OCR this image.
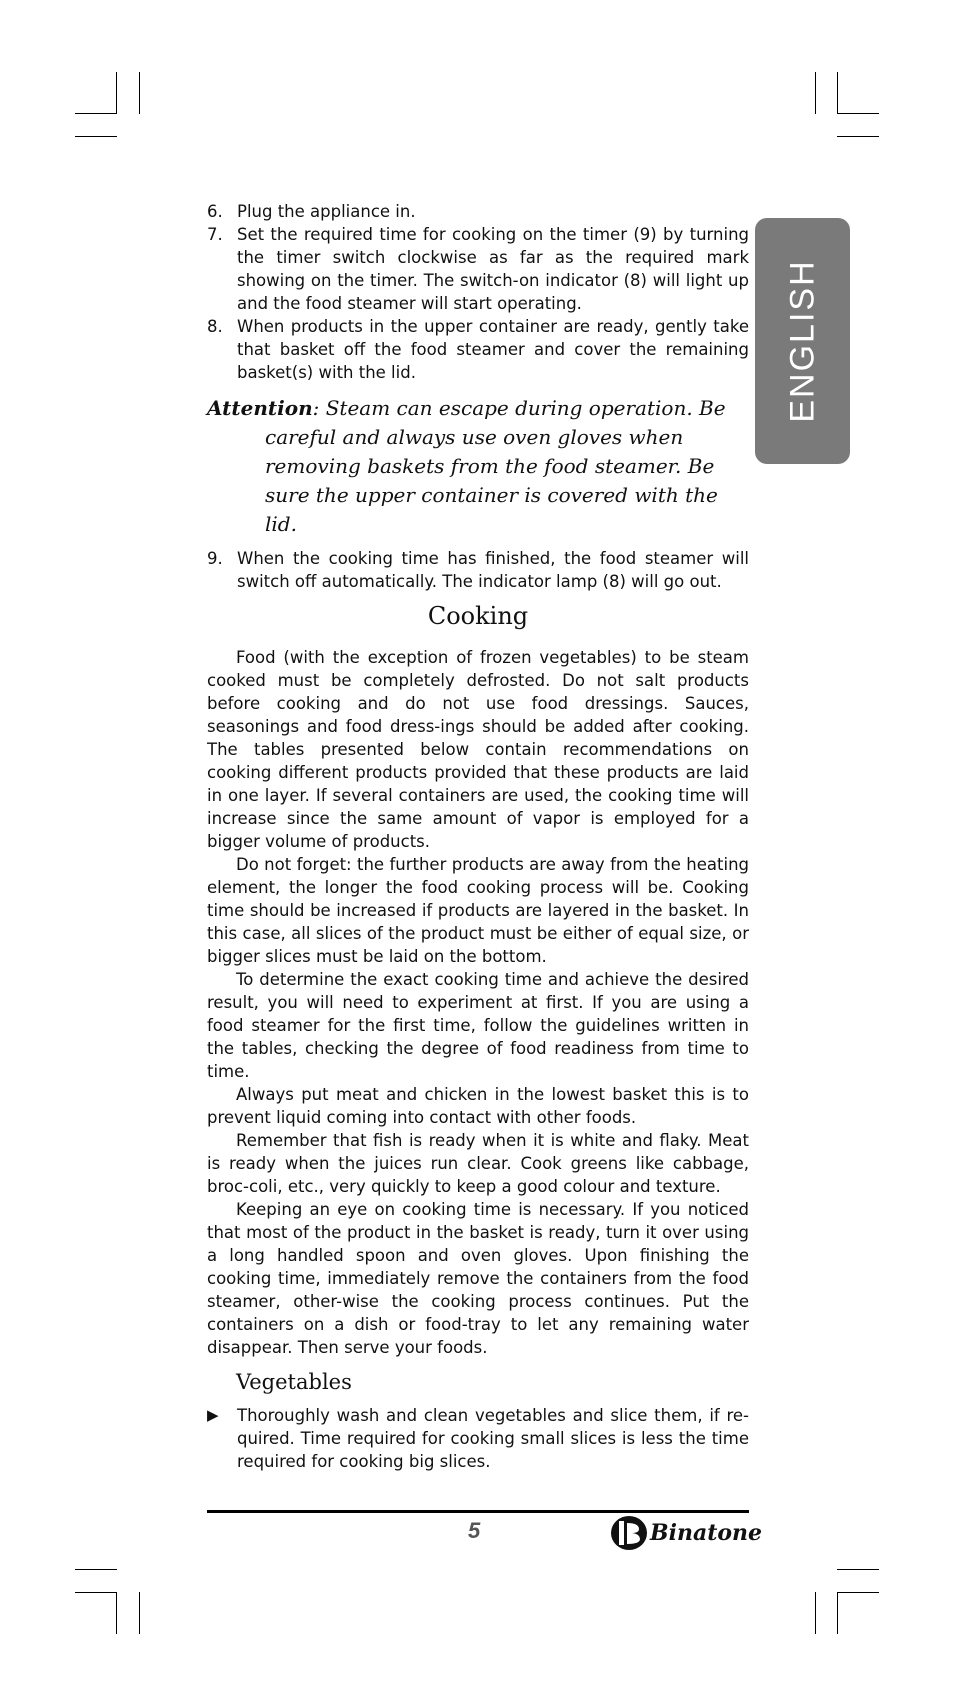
ENGLISH

6. Plug the appliance in.

7. Set the required time for cooking on the timer (9) by turning the timer switch clockwise as far as the required mark showing on the timer. The switch-on indicator (8) will light up and the food steamer will start operating.

8. When products in the upper container are ready, gently take that basket off the food steamer and cover the remaining basket(s) with the lid.

Attention: Steam can escape during operation. Be careful and always use oven gloves when removing baskets from the food steamer. Be sure the upper container is covered with the lid.

9. When the cooking time has finished, the food steamer will switch off automatically. The indicator lamp (8) will go out.

Cooking

Food (with the exception of frozen vegetables) to be steam cooked must be completely defrosted. Do not salt products before cooking and do not use food dressings. Sauces, seasonings and food dress-ings should be added after cooking. The tables presented below contain recommendations on cooking different products provided that these products are laid in one layer. If several containers are used, the cooking time will increase since the same amount of vapor is employed for a bigger volume of products.

Do not forget: the further products are away from the heating element, the longer the food cooking process will be. Cooking time should be increased if products are layered in the basket. In this case, all slices of the product must be either of equal size, or bigger slices must be laid on the bottom.

To determine the exact cooking time and achieve the desired result, you will need to experiment at first. If you are using a food steamer for the first time, follow the guidelines written in the tables, checking the degree of food readiness from time to time.

Always put meat and chicken in the lowest basket this is to prevent liquid coming into contact with other foods.

Remember that fish is ready when it is white and flaky. Meat is ready when the juices run clear. Cook greens like cabbage, broc-coli, etc., very quickly to keep a good colour and texture.

Keeping an eye on cooking time is necessary. If you noticed that most of the product in the basket is ready, turn it over using a long handled spoon and oven gloves. Upon finishing the cooking time, immediately remove the containers from the food steamer, other-wise the cooking process continues. Put the containers on a dish or food-tray to let any remaining water disappear. Then serve your foods.

Vegetables

▶ Thoroughly wash and clean vegetables and slice them, if re-quired. Time required for cooking small slices is less the time required for cooking big slices.

5	Binatone
